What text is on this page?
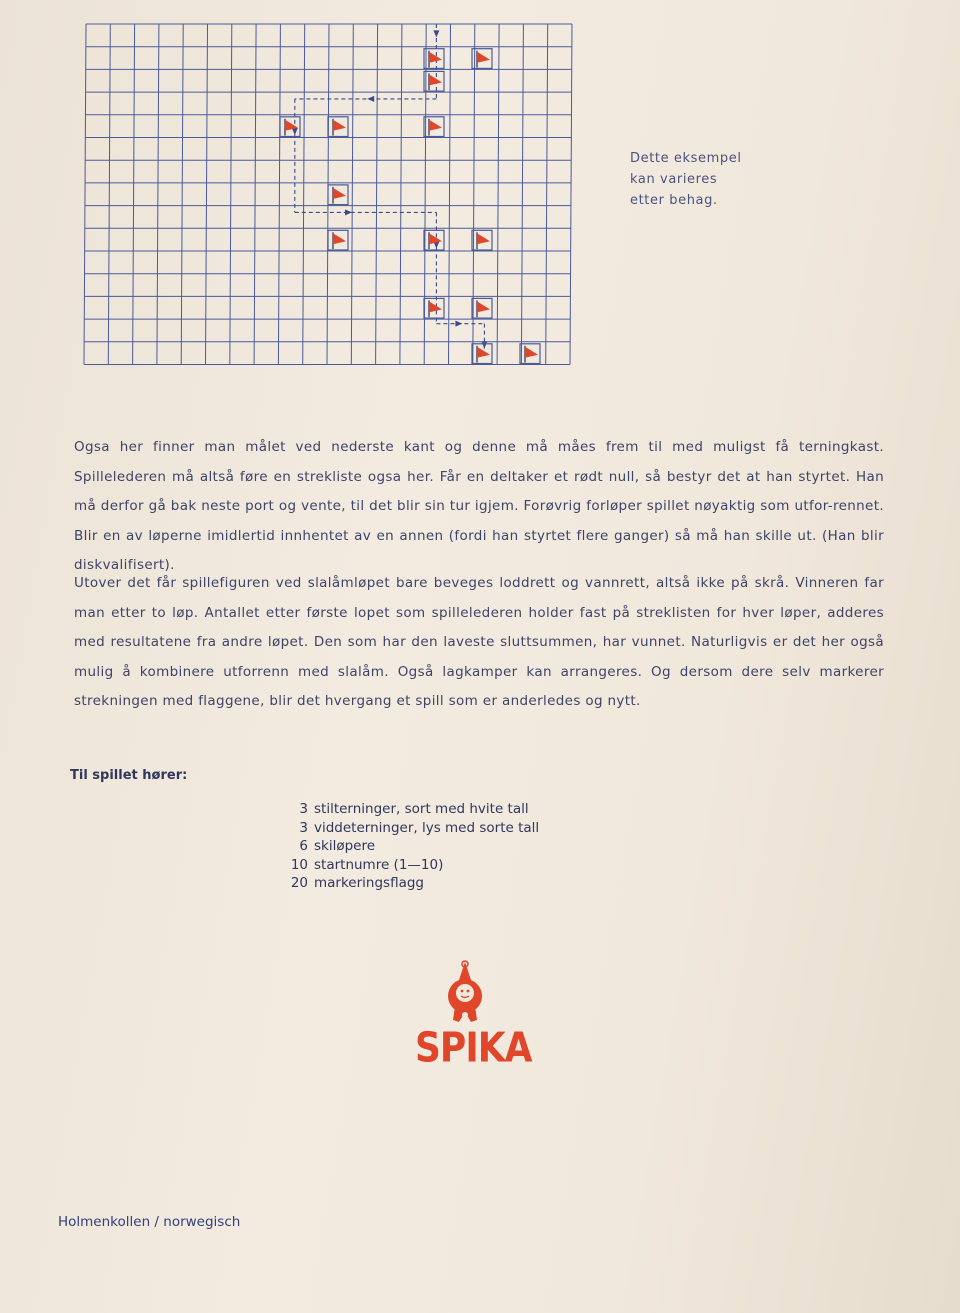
Dette eksempel
kan varieres
etter behag.
Ogsa her finner man målet ved nederste kant og denne må måes frem til med muligst få terningkast. Spillelederen må altså føre en strekliste ogsa her. Får en deltaker et rødt null, så bestyr det at han styrtet. Han må derfor gå bak neste port og vente, til det blir sin tur igjem. Forøvrig forløper spillet nøyaktig som utfor-rennet. Blir en av løperne imidlertid innhentet av en annen (fordi han styrtet flere ganger) så må han skille ut. (Han blir diskvalifisert).
Utover det får spillefiguren ved slalåmløpet bare beveges loddrett og vannrett, altså ikke på skrå. Vinneren far man etter to løp. Antallet etter første lopet som spillelederen holder fast på streklisten for hver løper, adderes med resultatene fra andre løpet. Den som har den laveste sluttsummen, har vunnet. Naturligvis er det her også mulig å kombinere utforrenn med slalåm. Også lagkamper kan arrangeres. Og dersom dere selv markerer strekningen med flaggene, blir det hvergang et spill som er anderledes og nytt.
Til spillet hører:
3 stilterninger, sort med hvite tall
3 viddeterninger, lys med sorte tall
6 skiløpere
10 startnumre (1—10)
20 markeringsflagg
SPIKA
Holmenkollen / norwegisch
